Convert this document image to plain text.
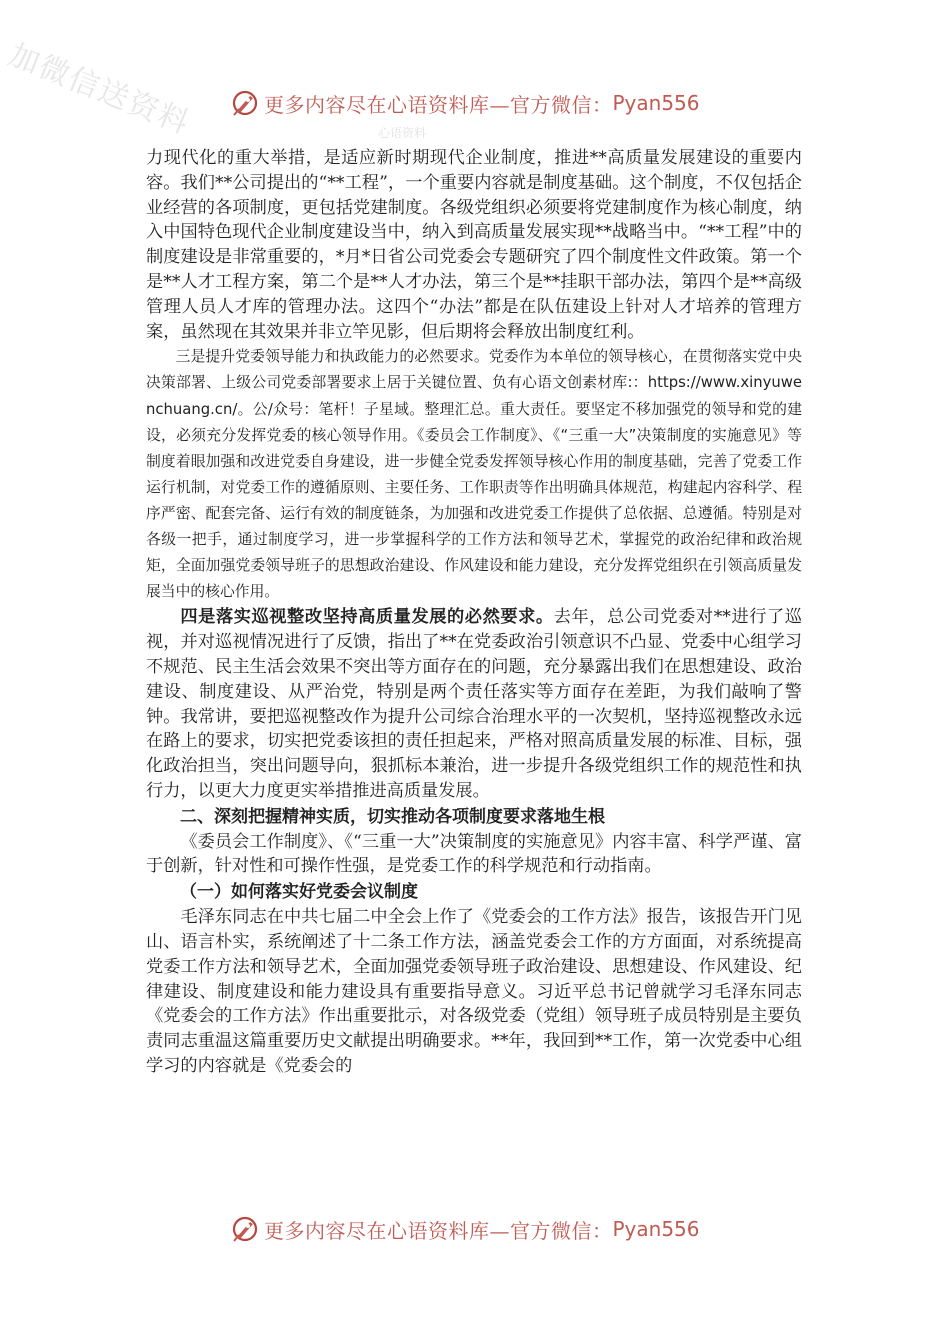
加微信送资料	更多内容尽在心语资料库—官方微信： Pyan556
心语资料

力现代化的重大举措，是适应新时期现代企业制度，推进**高质量发展建设的重要内容。我们**公司提出的“**工程”，一个重要内容就是制度基础。这个制度，不仅包括企业经营的各项制度，更包括党建制度。各级党组织必须要将党建制度作为核心制度，纳入中国特色现代企业制度建设当中，纳入到高质量发展实现**战略当中。“**工程”中的制度建设是非常重要的，*月*日省公司党委会专题研究了四个制度性文件政策。第一个是**人才工程方案，第二个是**人才办法，第三个是**挂职干部办法，第四个是**高级管理人员人才库的管理办法。这四个“办法”都是在队伍建设上针对人才培养的管理方案，虽然现在其效果并非立竿见影，但后期将会释放出制度红利。

三是提升党委领导能力和执政能力的必然要求。党委作为本单位的领导核心，在贯彻落实党中央决策部署、上级公司党委部署要求上居于关键位置、负有心语文创素材库:：https://www.xinyuwenchuang.cn/。公/众号：笔杆！子星域。整理汇总。重大责任。要坚定不移加强党的领导和党的建设，必须充分发挥党委的核心领导作用。《委员会工作制度》、《“三重一大”决策制度的实施意见》等制度着眼加强和改进党委自身建设，进一步健全党委发挥领导核心作用的制度基础，完善了党委工作运行机制，对党委工作的遵循原则、主要任务、工作职责等作出明确具体规范，构建起内容科学、程序严密、配套完备、运行有效的制度链条，为加强和改进党委工作提供了总依据、总遵循。特别是对各级一把手，通过制度学习，进一步掌握科学的工作方法和领导艺术，掌握党的政治纪律和政治规矩，全面加强党委领导班子的思想政治建设、作风建设和能力建设，充分发挥党组织在引领高质量发展当中的核心作用。

四是落实巡视整改坚持高质量发展的必然要求。去年，总公司党委对**进行了巡视，并对巡视情况进行了反馈，指出了**在党委政治引领意识不凸显、党委中心组学习不规范、民主生活会效果不突出等方面存在的问题，充分暴露出我们在思想建设、政治建设、制度建设、从严治党，特别是两个责任落实等方面存在差距，为我们敲响了警钟。我常讲，要把巡视整改作为提升公司综合治理水平的一次契机，坚持巡视整改永远在路上的要求，切实把党委该担的责任担起来，严格对照高质量发展的标准、目标，强化政治担当，突出问题导向，狠抓标本兼治，进一步提升各级党组织工作的规范性和执行力，以更大力度更实举措推进高质量发展。

二、深刻把握精神实质，切实推动各项制度要求落地生根

《委员会工作制度》、《“三重一大”决策制度的实施意见》内容丰富、科学严谨、富于创新，针对性和可操作性强，是党委工作的科学规范和行动指南。

（一）如何落实好党委会议制度

毛泽东同志在中共七届二中全会上作了《党委会的工作方法》报告，该报告开门见山、语言朴实，系统阐述了十二条工作方法，涵盖党委会工作的方方面面，对系统提高党委工作方法和领导艺术，全面加强党委领导班子政治建设、思想建设、作风建设、纪律建设、制度建设和能力建设具有重要指导意义。习近平总书记曾就学习毛泽东同志《党委会的工作方法》作出重要批示，对各级党委（党组）领导班子成员特别是主要负责同志重温这篇重要历史文献提出明确要求。**年，我回到**工作，第一次党委中心组学习的内容就是《党委会的

更多内容尽在心语资料库—官方微信： Pyan556
